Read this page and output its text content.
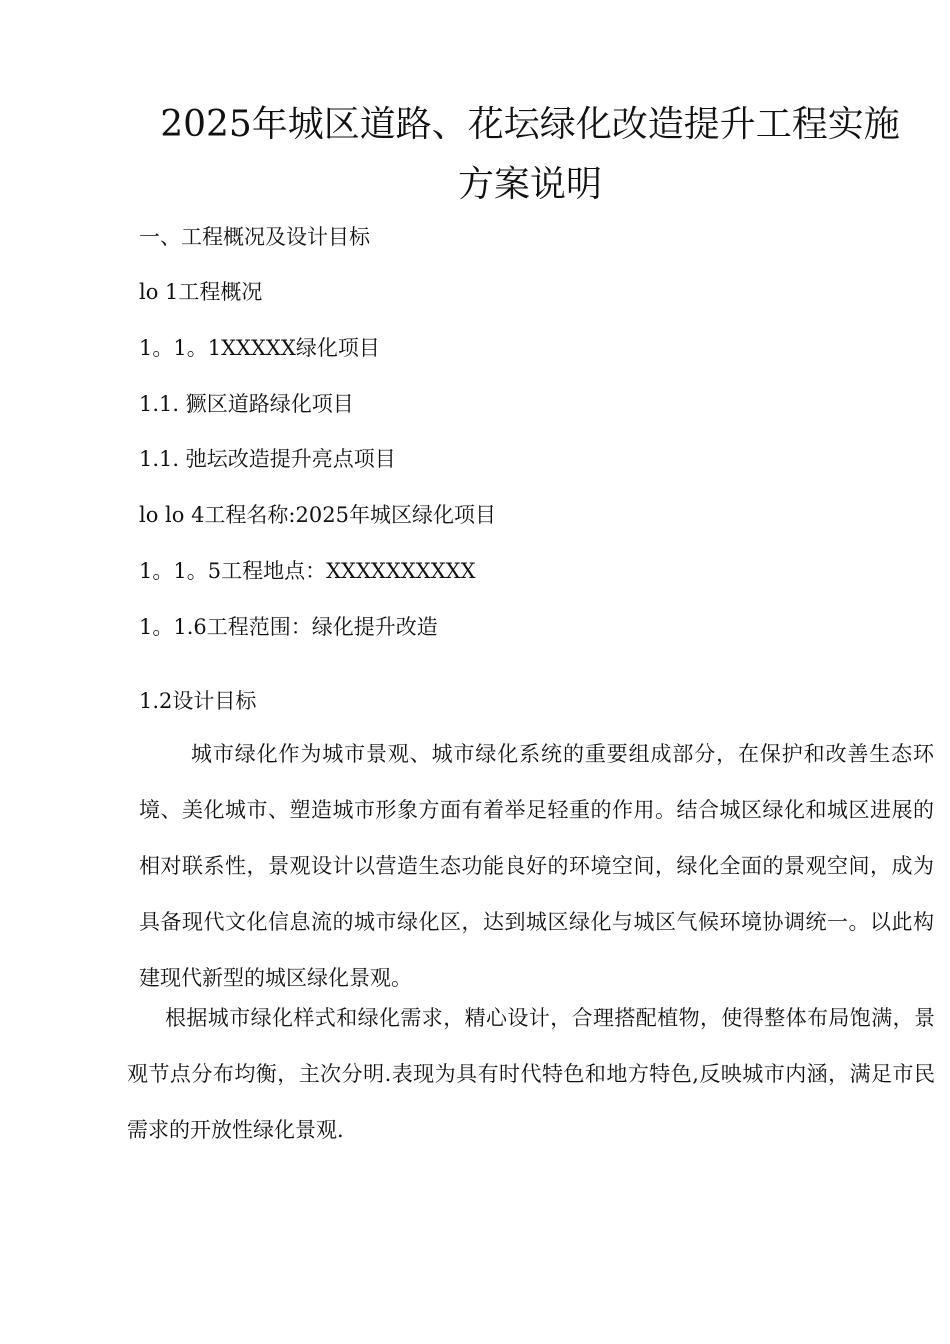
2025年城区道路、花坛绿化改造提升工程实施
方案说明
一、工程概况及设计目标
lo 1工程概况
1。1。1XXXXX绿化项目
1.1. 獗区道路绿化项目
1.1. 弛坛改造提升亮点项目
lo lo 4工程名称:2025年城区绿化项目
1。1。5工程地点：XXXXXXXXXX
1。1.6工程范围：绿化提升改造
1.2设计目标

城市绿化作为城市景观、城市绿化系统的重要组成部分，在保护和改善生态环境、美化城市、塑造城市形象方面有着举足轻重的作用。结合城区绿化和城区进展的相对联系性，景观设计以营造生态功能良好的环境空间，绿化全面的景观空间，成为具备现代文化信息流的城市绿化区，达到城区绿化与城区气候环境协调统一。以此构建现代新型的城区绿化景观。

根据城市绿化样式和绿化需求，精心设计，合理搭配植物，使得整体布局饱满，景观节点分布均衡，主次分明.表现为具有时代特色和地方特色,反映城市内涵，满足市民需求的开放性绿化景观.
